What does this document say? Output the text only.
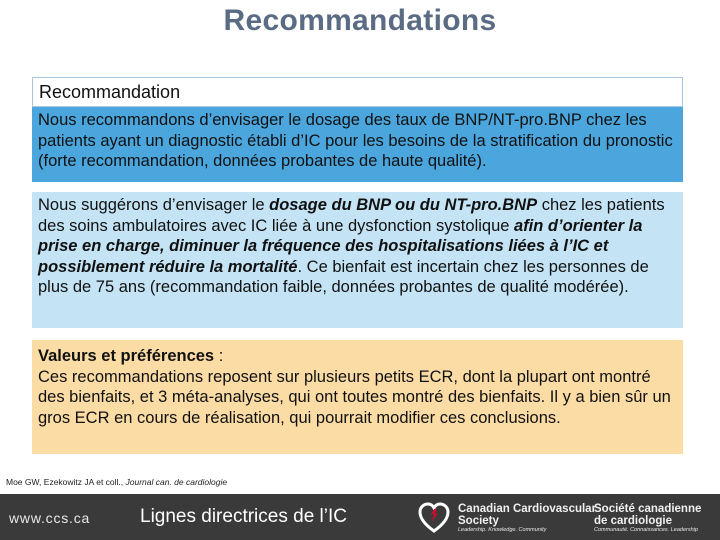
Recommandations
Recommandation

Nous recommandons d’envisager le dosage des taux de BNP/NT-pro.BNP chez les patients ayant un diagnostic établi d’IC pour les besoins de la stratification du pronostic (forte recommandation, données probantes de haute qualité).

Nous suggérons d’envisager le dosage du BNP ou du NT-pro.BNP chez les patients des soins ambulatoires avec IC liée à une dysfonction systolique afin d’orienter la prise en charge, diminuer la fréquence des hospitalisations liées à l’IC et possiblement réduire la mortalité. Ce bienfait est incertain chez les personnes de plus de 75 ans (recommandation faible, données probantes de qualité modérée).

Valeurs et préférences :

Ces recommandations reposent sur plusieurs petits ECR, dont la plupart ont montré des bienfaits, et 3 méta-analyses, qui ont toutes montré des bienfaits. Il y a bien sûr un gros ECR en cours de réalisation, qui pourrait modifier ces conclusions.

Moe GW, Ezekowitz JA et coll., Journal can. de cardiologie
www.ccs.ca	Lignes directrices de l’IC	Canadian Cardiovascular
Society
Leadership. Knowledge. Community
Société canadienne
de cardiologie
Communauté. Connaissances. Leadership
